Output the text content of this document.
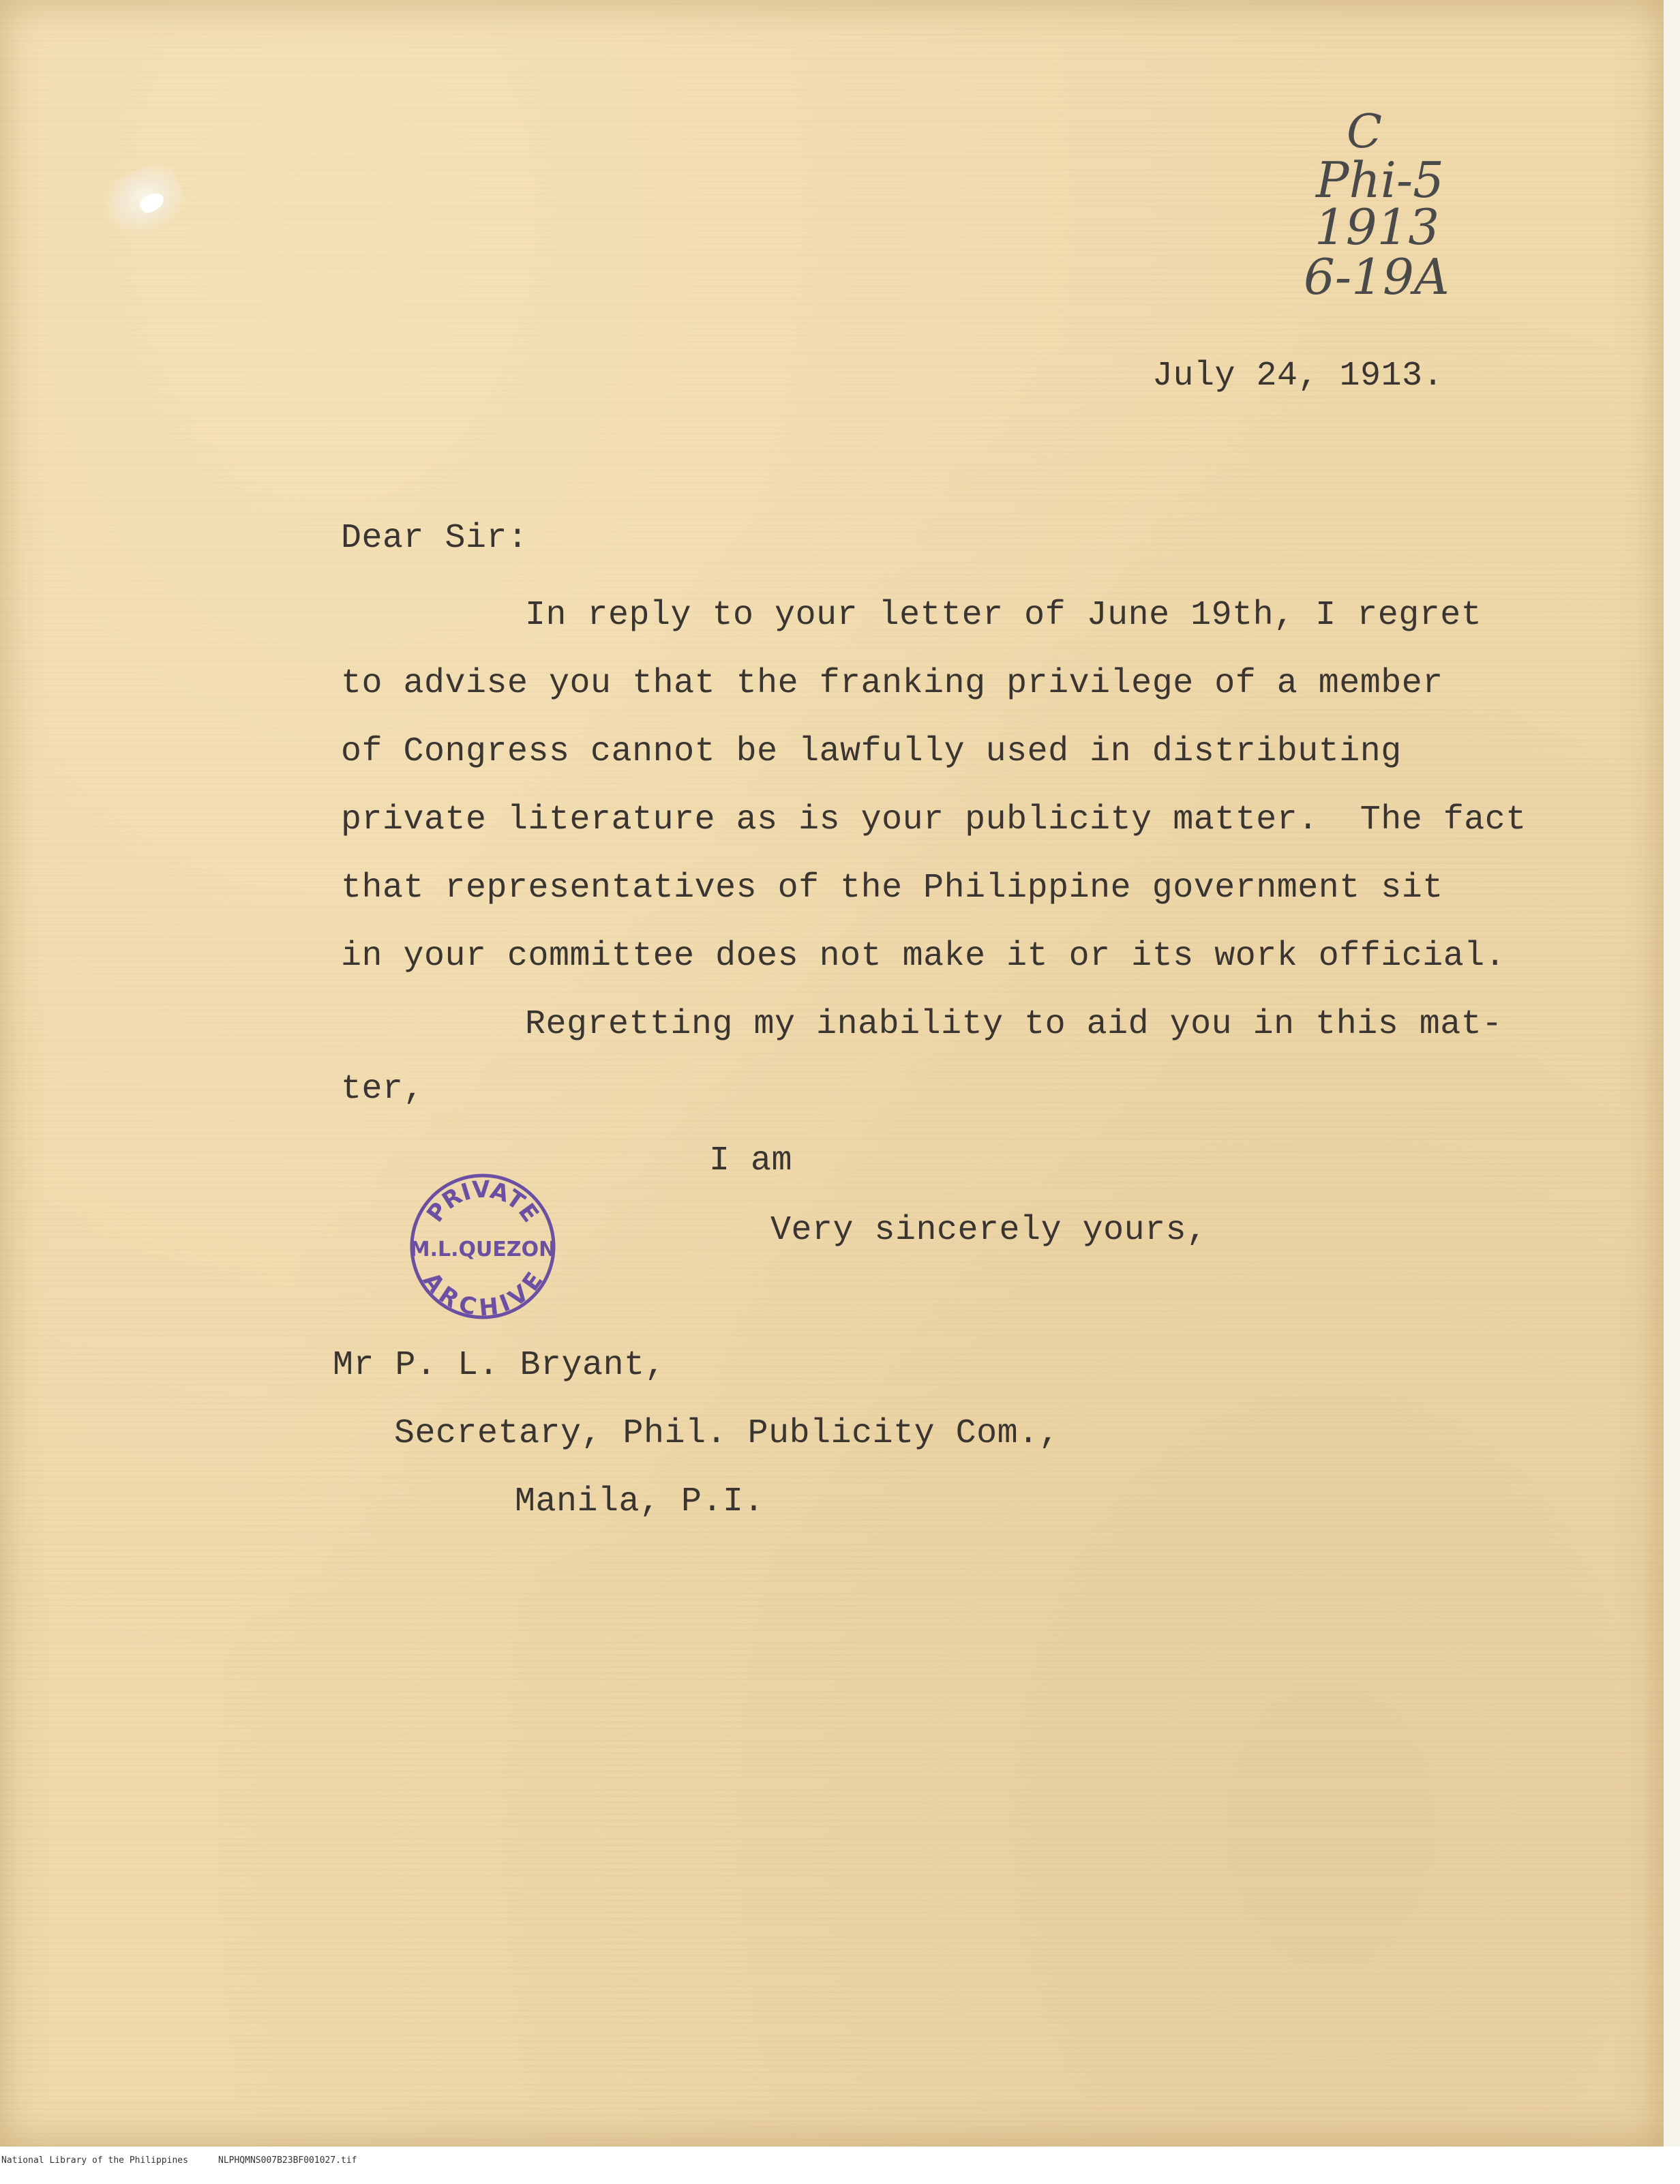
C

Phi-5

1913

6-19A

July 24, 1913.

Dear Sir:

In reply to your letter of June 19th, I regret

to advise you that the franking privilege of a member

of Congress cannot be lawfully used in distributing

private literature as is your publicity matter.  The fact

that representatives of the Philippine government sit

in your committee does not make it or its work official.

Regretting my inability to aid you in this mat-

ter,

I am

Very sincerely yours,

PRIVATE
M.L.QUEZON
ARCHIVE

Mr P. L. Bryant,

Secretary, Phil. Publicity Com.,

Manila, P.I.

National Library of the Philippines

	NLPHQMNS007B23BF001027.tif
